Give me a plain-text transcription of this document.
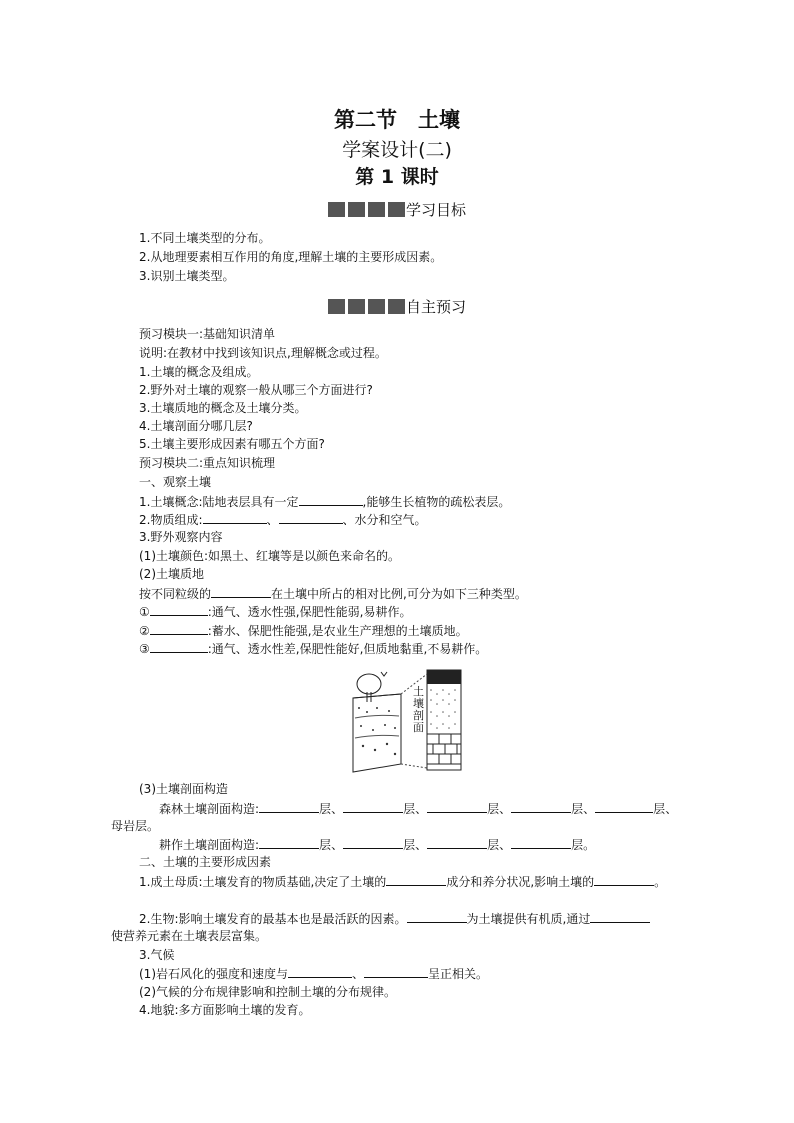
第二节　土壤
学案设计(二)
第 1 课时
学习目标
1.不同土壤类型的分布。
2.从地理要素相互作用的角度,理解土壤的主要形成因素。
3.识别土壤类型。
自主预习
预习模块一:基础知识清单
说明:在教材中找到该知识点,理解概念或过程。
1.土壤的概念及组成。
2.野外对土壤的观察一般从哪三个方面进行?
3.土壤质地的概念及土壤分类。
4.土壤剖面分哪几层?
5.土壤主要形成因素有哪五个方面?
预习模块二:重点知识梳理
一、观察土壤
1.土壤概念:陆地表层具有一定	,能够生长植物的疏松表层。
2.物质组成:	、	、水分和空气。
3.野外观察内容
(1)土壤颜色:如黑土、红壤等是以颜色来命名的。
(2)土壤质地
按不同粒级的	在土壤中所占的相对比例,可分为如下三种类型。
①	:通气、透水性强,保肥性能弱,易耕作。
②	:蓄水、保肥性能强,是农业生产理想的土壤质地。
③	:通气、透水性差,保肥性能好,但质地黏重,不易耕作。
土壤剖面
(3)土壤剖面构造
森林土壤剖面构造:	层、	层、	层、	层、	层、
母岩层。
耕作土壤剖面构造:	层、	层、	层、	层。
二、土壤的主要形成因素
1.成土母质:土壤发育的物质基础,决定了土壤的	成分和养分状况,影响土壤的	。
2.生物:影响土壤发育的最基本也是最活跃的因素。	为土壤提供有机质,通过
使营养元素在土壤表层富集。
3.气候
(1)岩石风化的强度和速度与	、	呈正相关。
(2)气候的分布规律影响和控制土壤的分布规律。
4.地貌:多方面影响土壤的发育。
